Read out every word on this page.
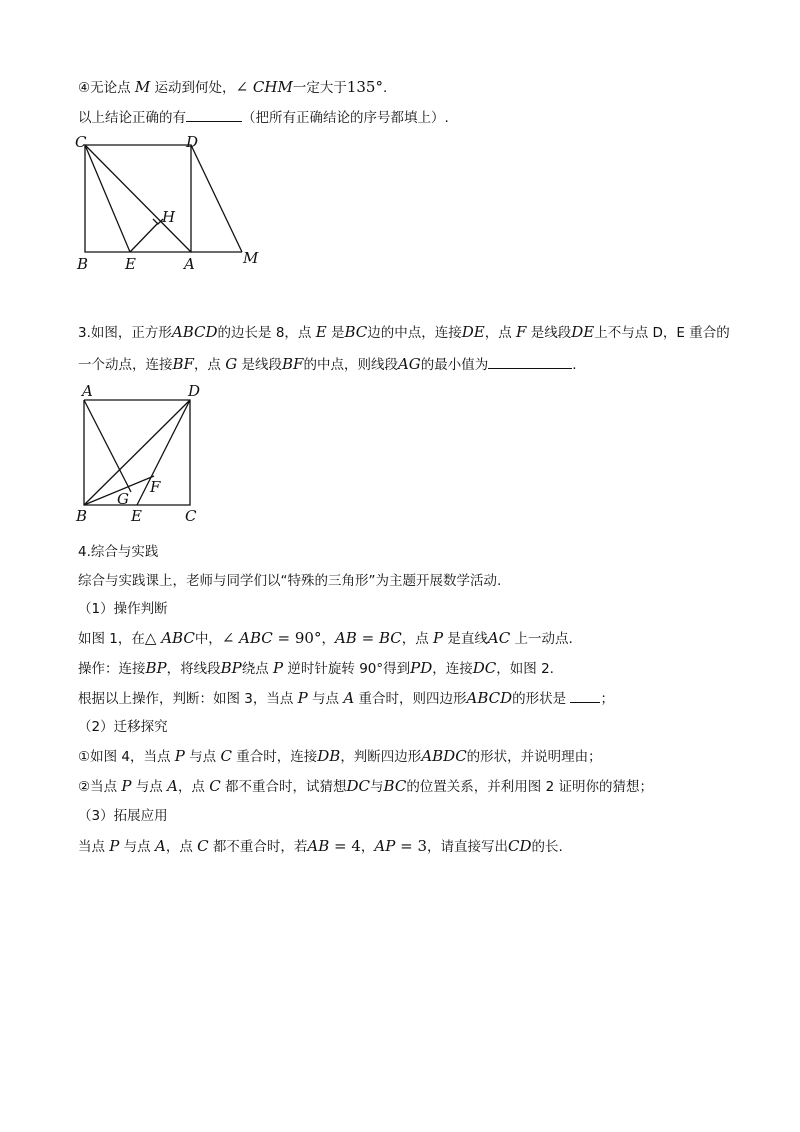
④无论点 M 运动到何处，∠ CHM一定大于135°.
以上结论正确的有	（把所有正确结论的序号都填上）.
C	D
H
B E	A	M
3.如图，正方形ABCD的边长是 8，点 E 是BC边的中点，连接DE，点 F 是线段DE上不与点 D，E 重合的
一个动点，连接BF，点 G 是线段BF的中点，则线段AG的最小值为	.
A	D
G
F
B	E	C
4.综合与实践
综合与实践课上，老师与同学们以“特殊的三角形”为主题开展数学活动.
（1）操作判断
如图 1，在△ ABC中，∠ ABC = 90°，AB = BC，点 P 是直线AC 上一动点.
操作：连接BP，将线段BP绕点 P 逆时针旋转 90°得到PD，连接DC，如图 2.
根据以上操作，判断：如图 3，当点 P 与点 A 重合时，则四边形ABCD的形状是 ；
（2）迁移探究
①如图 4，当点 P 与点 C 重合时，连接DB，判断四边形ABDC的形状，并说明理由；
②当点 P 与点 A，点 C 都不重合时，试猜想DC与BC的位置关系，并利用图 2 证明你的猜想；
（3）拓展应用
当点 P 与点 A，点 C 都不重合时，若AB = 4，AP = 3，请直接写出CD的长.
